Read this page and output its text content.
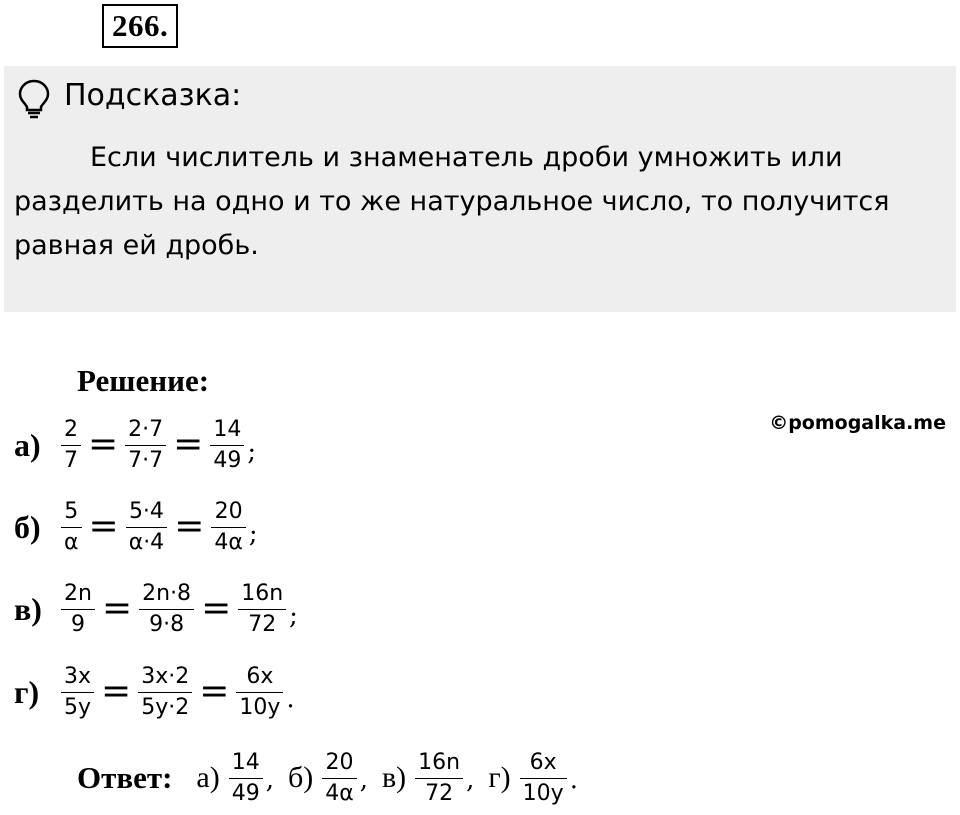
266.
Подсказка:
Если числитель и знаменатель дроби умножить или разделить на одно и то же натуральное число, то получится равная ей дробь.
Решение:
©pomogalka.me
$а) \frac{2}{7} = \frac{2\cdot 7}{7\cdot 7} = \frac{14}{49}$ ;
$б) \frac{5}{\alpha} = \frac{5\cdot 4}{\alpha\cdot 4} = \frac{20}{4\alpha}$ ;
$в) \frac{2n}{9} = \frac{2n\cdot 8}{9\cdot 8} = \frac{16n}{72}$ ;
$г) \frac{3x}{5y} = \frac{3x\cdot 2}{5y\cdot 2} = \frac{6x}{10y}$ .
Ответ: $а) \frac{14}{49}$ , $б) \frac{20}{4\alpha}$ , $в) \frac{16n}{72}$ , $г) \frac{6x}{10y}$ .
